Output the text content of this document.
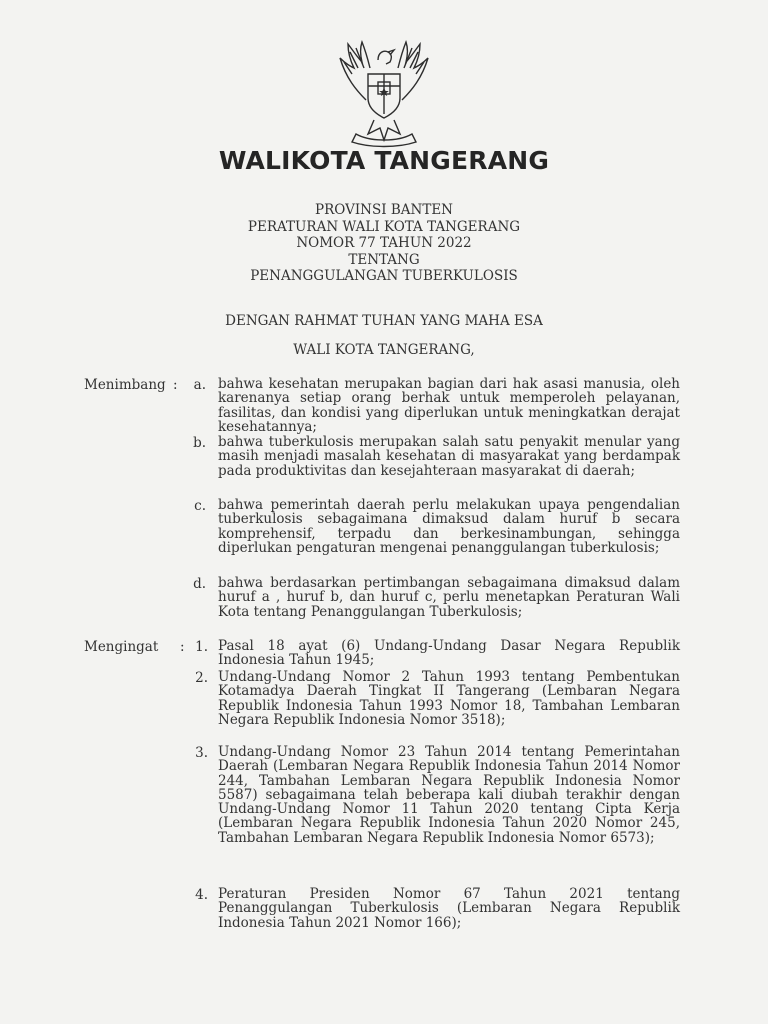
WALIKOTA TANGERANG
PROVINSI BANTEN
PERATURAN WALI KOTA TANGERANG
NOMOR 77 TAHUN 2022
TENTANG
PENANGGULANGAN TUBERKULOSIS
DENGAN RAHMAT TUHAN YANG MAHA ESA
WALI KOTA TANGERANG,
Menimbang :	a. bahwa kesehatan merupakan bagian dari hak asasi manusia, oleh karenanya setiap orang berhak untuk memperoleh pelayanan, fasilitas, dan kondisi yang diperlukan untuk meningkatkan derajat kesehatannya;
b. bahwa tuberkulosis merupakan salah satu penyakit menular yang masih menjadi masalah kesehatan di masyarakat yang berdampak pada produktivitas dan kesejahteraan masyarakat di daerah;
c. bahwa pemerintah daerah perlu melakukan upaya pengendalian tuberkulosis sebagaimana dimaksud dalam huruf b secara komprehensif, terpadu dan berkesinambungan, sehingga diperlukan pengaturan mengenai penanggulangan tuberkulosis;
d. bahwa berdasarkan pertimbangan sebagaimana dimaksud dalam huruf a , huruf b, dan huruf c, perlu menetapkan Peraturan Wali Kota tentang Penanggulangan Tuberkulosis;
Mengingat : 1. Pasal 18 ayat (6) Undang-Undang Dasar Negara Republik Indonesia Tahun 1945;
2. Undang-Undang Nomor 2 Tahun 1993 tentang Pembentukan Kotamadya Daerah Tingkat II Tangerang (Lembaran Negara Republik Indonesia Tahun 1993 Nomor 18, Tambahan Lembaran Negara Republik Indonesia Nomor 3518);
3. Undang-Undang Nomor 23 Tahun 2014 tentang Pemerintahan Daerah (Lembaran Negara Republik Indonesia Tahun 2014 Nomor 244, Tambahan Lembaran Negara Republik Indonesia Nomor 5587) sebagaimana telah beberapa kali diubah terakhir dengan Undang-Undang Nomor 11 Tahun 2020 tentang Cipta Kerja (Lembaran Negara Republik Indonesia Tahun 2020 Nomor 245, Tambahan Lembaran Negara Republik Indonesia Nomor 6573);
4. Peraturan Presiden Nomor 67 Tahun 2021 tentang Penanggulangan Tuberkulosis (Lembaran Negara Republik Indonesia Tahun 2021 Nomor 166);
